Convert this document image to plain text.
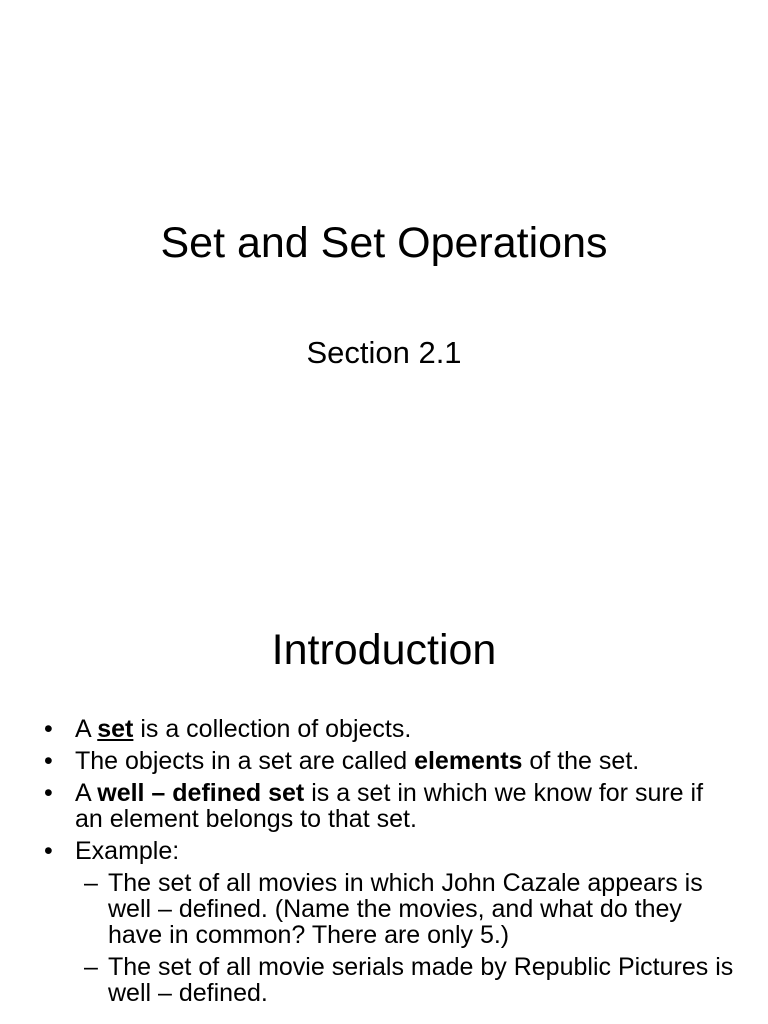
Set and Set Operations
Section 2.1
Introduction
• A set is a collection of objects.
• The objects in a set are called elements of the set.
• A well – defined set is a set in which we know for sure if an element belongs to that set.
• Example:
– The set of all movies in which John Cazale appears is well – defined. (Name the movies, and what do they have in common? There are only 5.)
– The set of all movie serials made by Republic Pictures is well – defined.
